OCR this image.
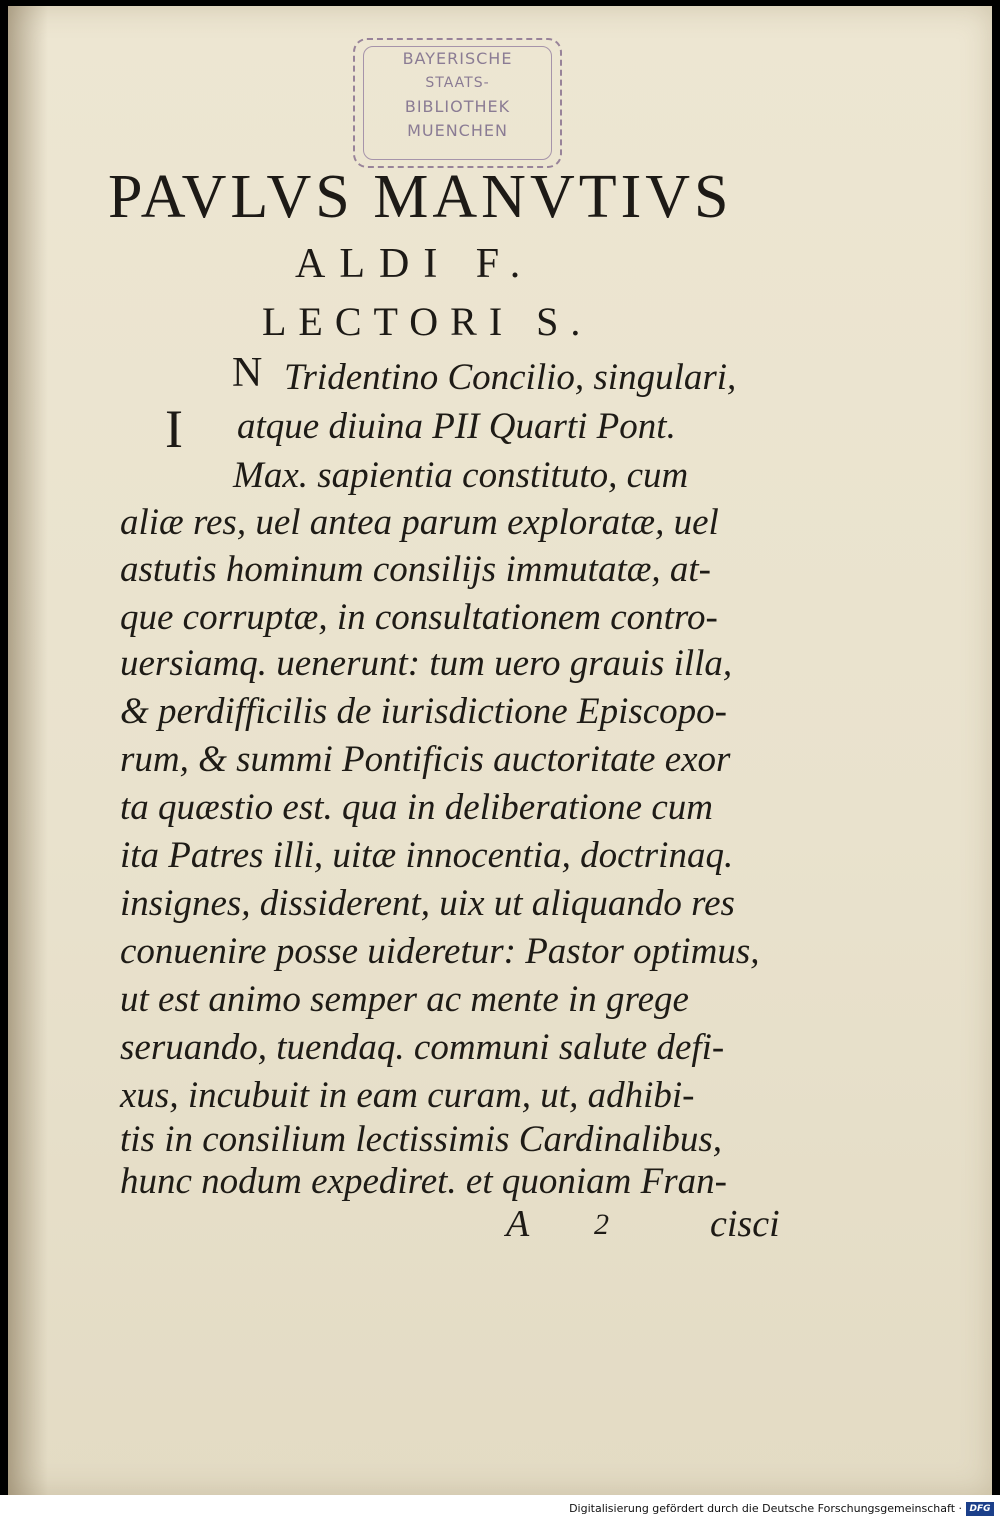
BAYERISCHE
STAATS-
BIBLIOTHEK
MUENCHEN
PAVLVS MANVTIVS
ALDI F.
LECTORI S.
N
I
Tridentino Concilio, singulari,
atque diuina PII Quarti Pont.
Max. sapientia constituto, cum
aliæ res, uel antea parum exploratæ, uel
astutis hominum consilijs immutatæ, at-
que corruptæ, in consultationem contro-
uersiamq. uenerunt: tum uero grauis illa,
& perdifficilis de iurisdictione Episcopo-
rum, & summi Pontificis auctoritate exor
ta quæstio est. qua in deliberatione cum
ita Patres illi, uitæ innocentia, doctrinaq.
insignes, dissiderent, uix ut aliquando res
conuenire posse uideretur: Pastor optimus,
ut est animo semper ac mente in grege
seruando, tuendaq. communi salute defi-
xus, incubuit in eam curam, ut, adhibi-
tis in consilium lectissimis Cardinalibus,
hunc nodum expediret. et quoniam Fran-
A 2	cisci
Digitalisierung gefördert durch die Deutsche Forschungsgemeinschaft · DFG
